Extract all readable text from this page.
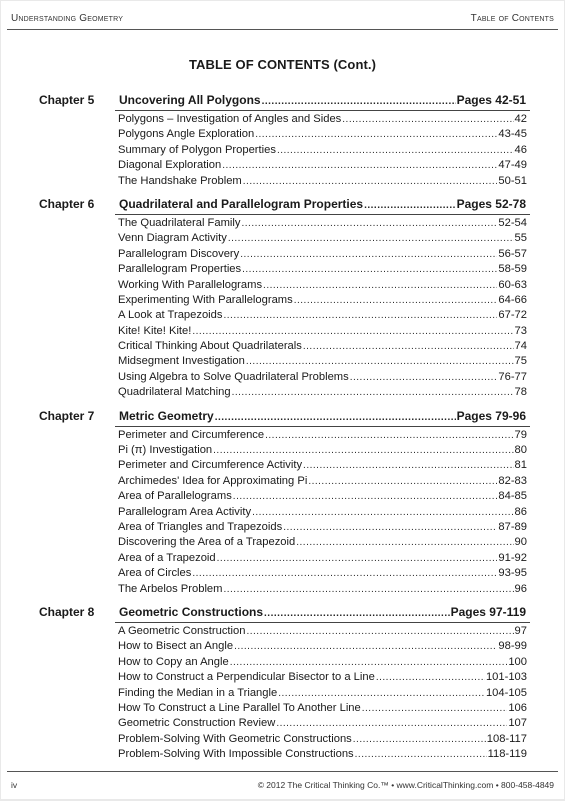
Understanding Geometry	Table of Contents
TABLE OF CONTENTS (Cont.)
Chapter 5 Uncovering All Polygons .....	Pages 42-51
Polygons – Investigation of Angles and Sides .....	42
Polygons Angle Exploration .....	43-45
Summary of Polygon Properties .....	46
Diagonal Exploration .....	47-49
The Handshake Problem .....	50-51
Chapter 6 Quadrilateral and Parallelogram Properties .....	Pages 52-78
The Quadrilateral Family .....	52-54
Venn Diagram Activity .....	55
Parallelogram Discovery .....	56-57
Parallelogram Properties .....	58-59
Working With Parallelograms .....	60-63
Experimenting With Parallelograms .....	64-66
A Look at Trapezoids .....	67-72
Kite! Kite! Kite! .....	73
Critical Thinking About Quadrilaterals .....	74
Midsegment Investigation .....	75
Using Algebra to Solve Quadrilateral Problems .....	76-77
Quadrilateral Matching .....	78
Chapter 7 Metric Geometry .....	Pages 79-96
Perimeter and Circumference .....	79
Pi (π) Investigation .....	80
Perimeter and Circumference Activity .....	81
Archimedes' Idea for Approximating Pi .....	82-83
Area of Parallelograms .....	84-85
Parallelogram Area Activity .....	86
Area of Triangles and Trapezoids .....	87-89
Discovering the Area of a Trapezoid .....	90
Area of a Trapezoid .....	91-92
Area of Circles .....	93-95
The Arbelos Problem .....	96
Chapter 8 Geometric Constructions .....	Pages 97-119
A Geometric Construction .....	97
How to Bisect an Angle .....	98-99
How to Copy an Angle .....	100
How to Construct a Perpendicular Bisector to a Line .....	101-103
Finding the Median in a Triangle .....	104-105
How To Construct a Line Parallel To Another Line .....	106
Geometric Construction Review .....	107
Problem-Solving With Geometric Constructions .....	108-117
Problem-Solving With Impossible Constructions .....	118-119
iv	© 2012 The Critical Thinking Co.™ • www.CriticalThinking.com • 800-458-4849
